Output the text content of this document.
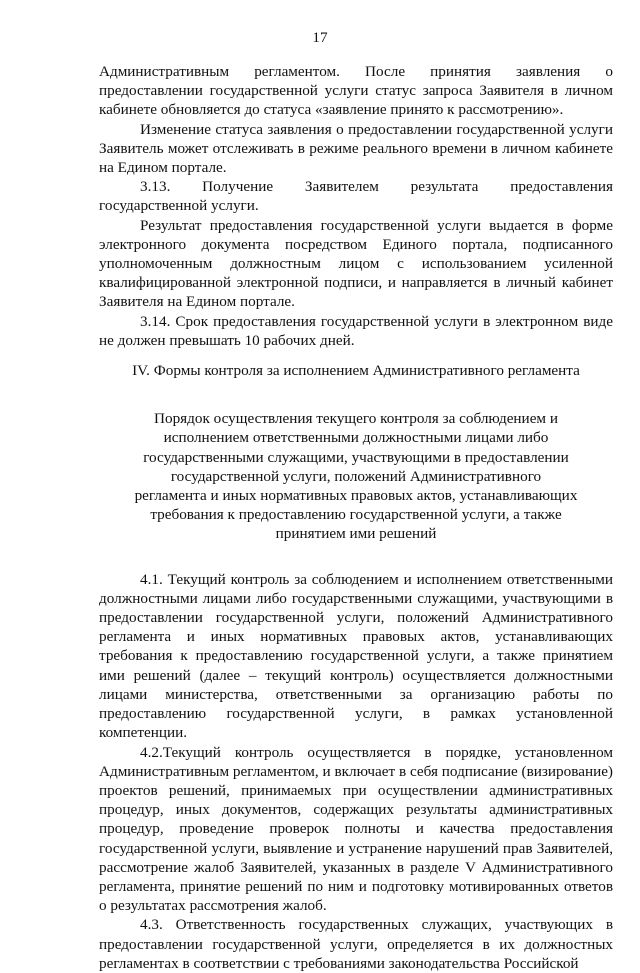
17

Административным регламентом. После принятия заявления о предоставлении государственной услуги статус запроса Заявителя в личном кабинете обновляется до статуса «заявление принято к рассмотрению».

Изменение статуса заявления о предоставлении государственной услуги Заявитель может отслеживать в режиме реального времени в личном кабинете на Едином портале.

3.13. Получение Заявителем результата предоставления государственной услуги.

Результат предоставления государственной услуги выдается в форме электронного документа посредством Единого портала, подписанного уполномоченным должностным лицом с использованием усиленной квалифицированной электронной подписи, и направляется в личный кабинет Заявителя на Едином портале.

3.14. Срок предоставления государственной услуги в электронном виде не должен превышать 10 рабочих дней.

IV. Формы контроля за исполнением Административного регламента

Порядок осуществления текущего контроля за соблюдением и исполнением ответственными должностными лицами либо государственными служащими, участвующими в предоставлении государственной услуги, положений Административного регламента и иных нормативных правовых актов, устанавливающих требования к предоставлению государственной услуги, а также принятием ими решений

4.1. Текущий контроль за соблюдением и исполнением ответственными должностными лицами либо государственными служащими, участвующими в предоставлении государственной услуги, положений Административного регламента и иных нормативных правовых актов, устанавливающих требования к предоставлению государственной услуги, а также принятием ими решений (далее – текущий контроль) осуществляется должностными лицами министерства, ответственными за организацию работы по предоставлению государственной услуги, в рамках установленной компетенции.

4.2.Текущий контроль осуществляется в порядке, установленном Административным регламентом, и включает в себя подписание (визирование) проектов решений, принимаемых при осуществлении административных процедур, иных документов, содержащих результаты административных процедур, проведение проверок полноты и качества предоставления государственной услуги, выявление и устранение нарушений прав Заявителей, рассмотрение жалоб Заявителей, указанных в разделе V Административного регламента, принятие решений по ним и подготовку мотивированных ответов о результатах рассмотрения жалоб.

4.3. Ответственность государственных служащих, участвующих в предоставлении государственной услуги, определяется в их должностных регламентах в соответствии с требованиями законодательства Российской
